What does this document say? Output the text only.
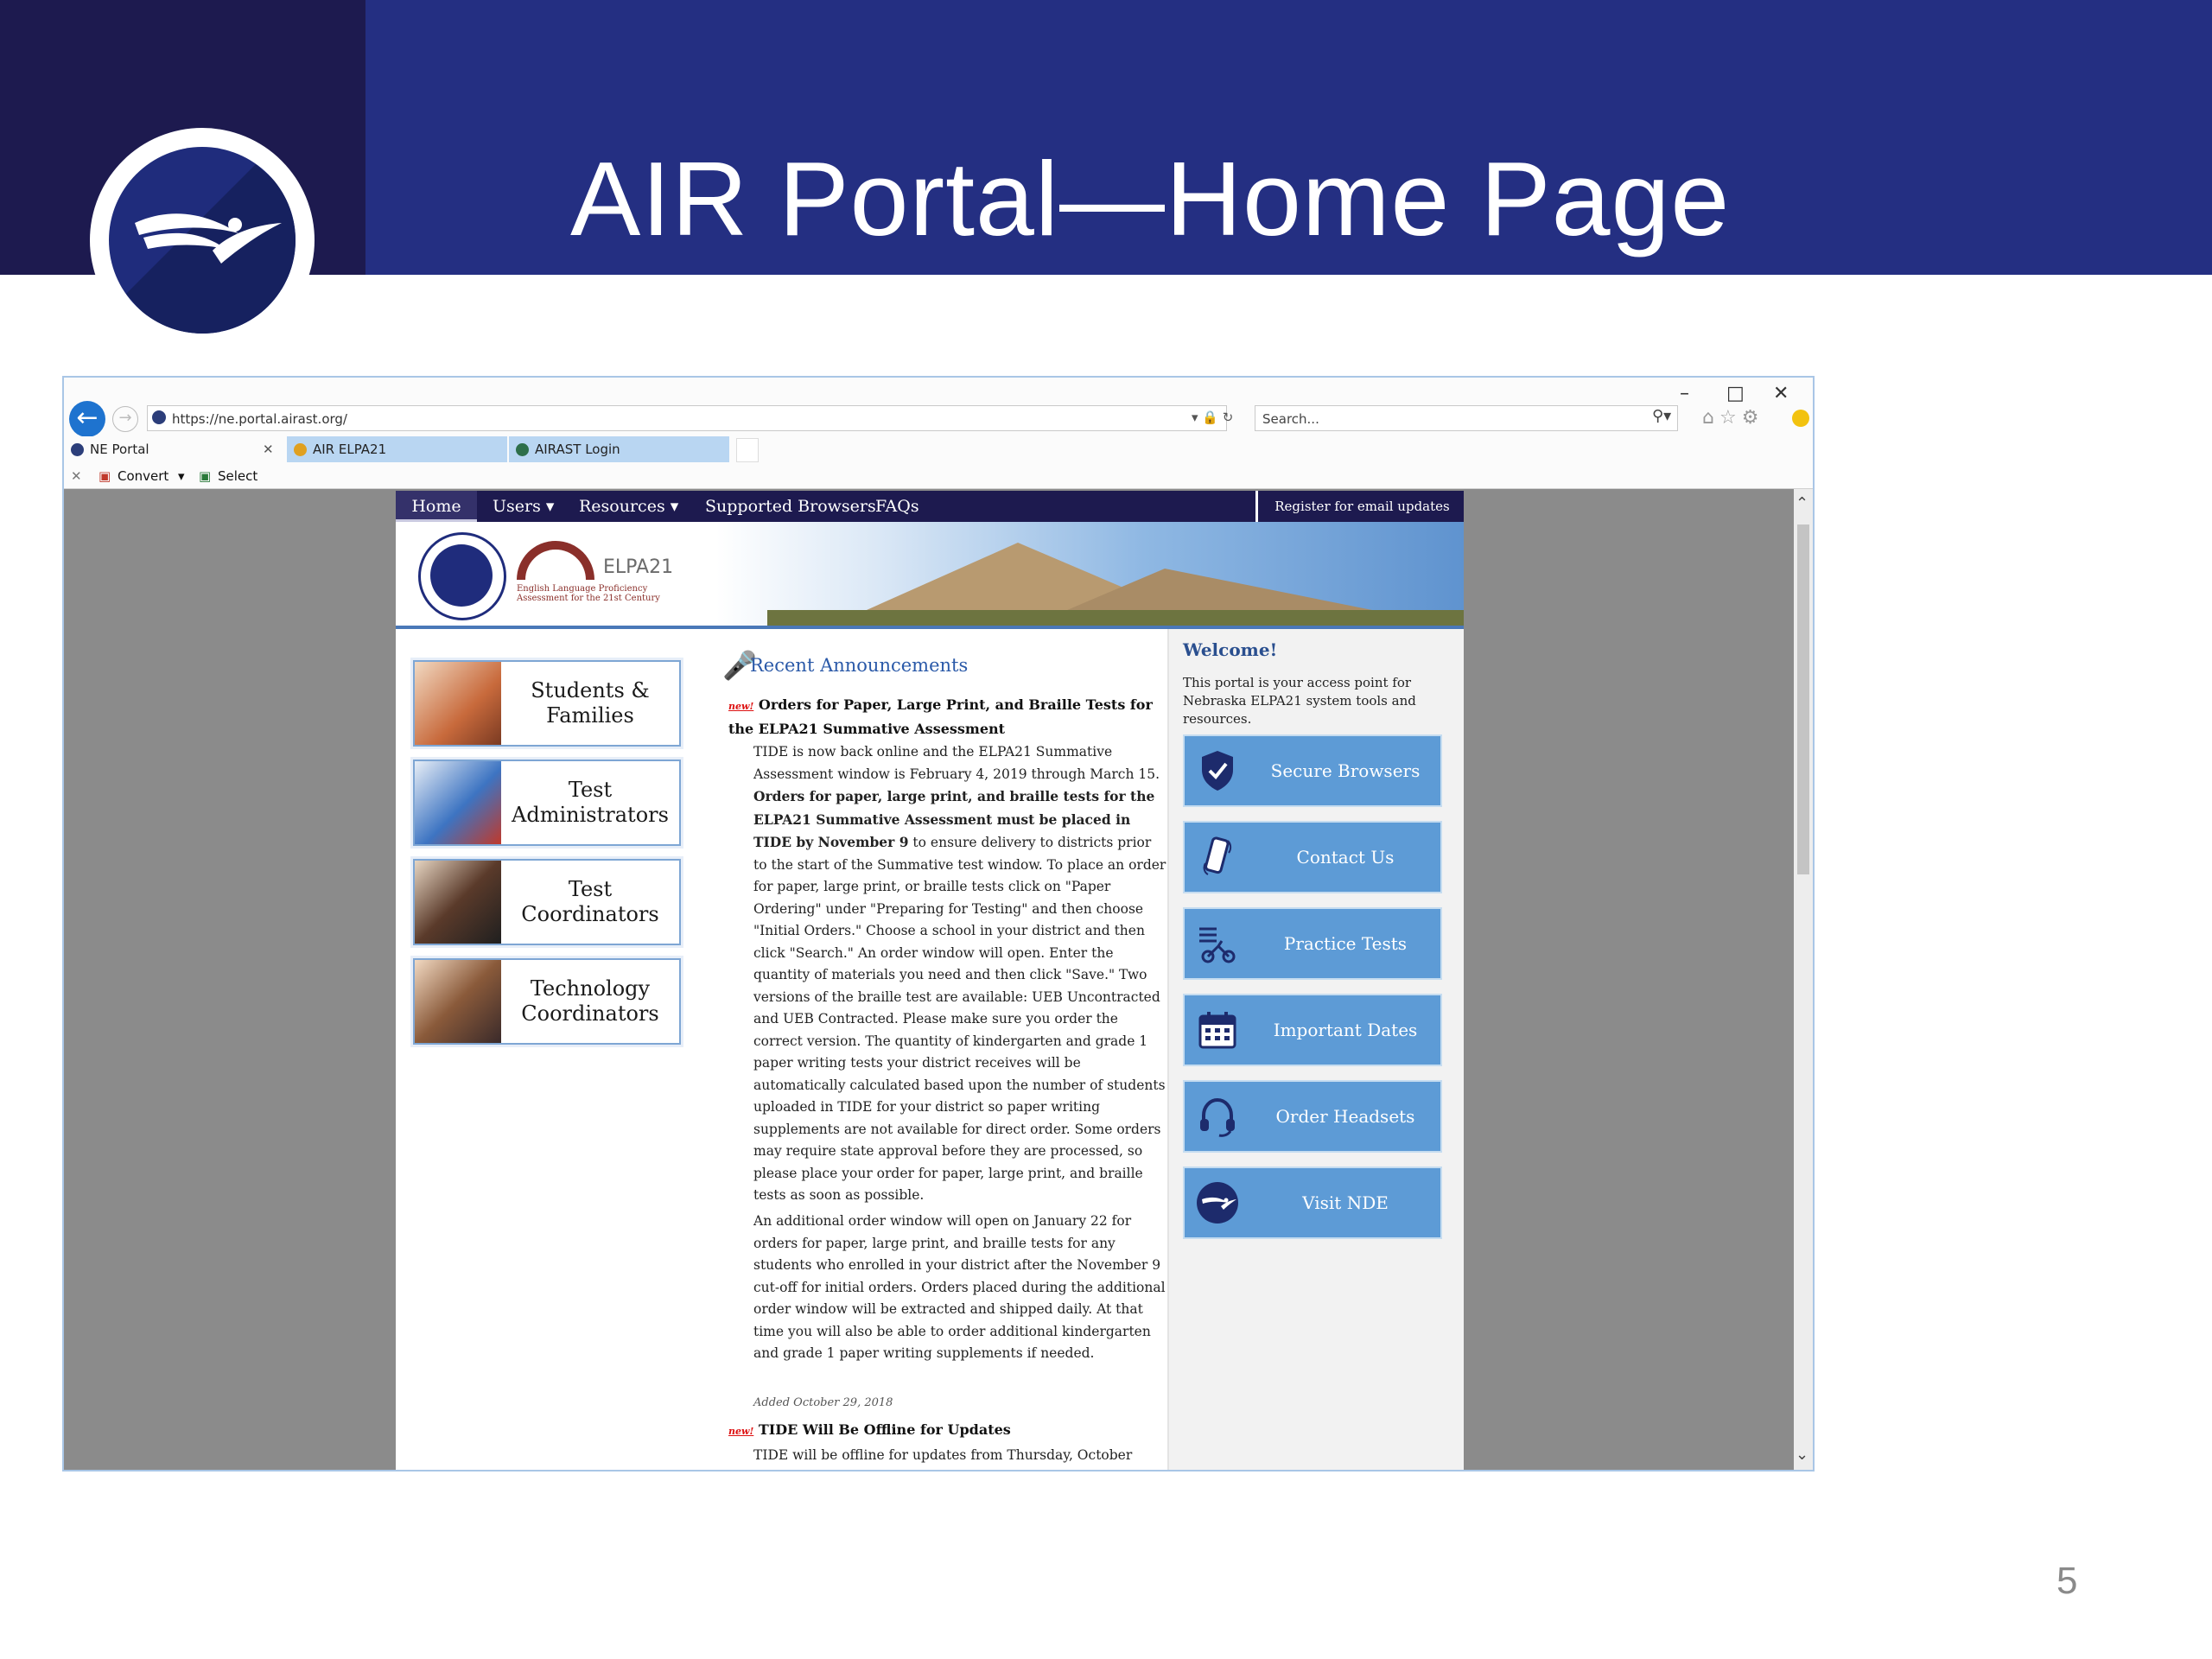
AIR Portal—Home Page
5
– □ ✕
←	→	https://ne.portal.airast.org/	▾ 🔒 ↻	Search...	⚲▾ ⌂☆⚙
NE Portal	✕	AIR ELPA21	AIRAST Login
✕ ▣ Convert ▾ ▣ Select
⌃
⌄
Home	Users ▾ Resources ▾ Supported Browsers FAQs	Register for email updates
ELPA21
English Language Proficiency Assessment for the 21st Century
Students &
Families
Test
Administrators
Test
Coordinators
Technology
Coordinators
🎤
Recent Announcements
new! Orders for Paper, Large Print, and Braille Tests for the ELPA21 Summative Assessment
TIDE is now back online and the ELPA21 Summative Assessment window is February 4, 2019 through March 15. Orders for paper, large print, and braille tests for the ELPA21 Summative Assessment must be placed in TIDE by November 9 to ensure delivery to districts prior to the start of the Summative test window. To place an order for paper, large print, or braille tests click on "Paper Ordering" under "Preparing for Testing" and then choose "Initial Orders." Choose a school in your district and then click "Search." An order window will open. Enter the quantity of materials you need and then click "Save." Two versions of the braille test are available: UEB Uncontracted and UEB Contracted. Please make sure you order the correct version. The quantity of kindergarten and grade 1 paper writing tests your district receives will be automatically calculated based upon the number of students uploaded in TIDE for your district so paper writing supplements are not available for direct order. Some orders may require state approval before they are processed, so please place your order for paper, large print, and braille tests as soon as possible.
An additional order window will open on January 22 for orders for paper, large print, and braille tests for any students who enrolled in your district after the November 9 cut-off for initial orders. Orders placed during the additional order window will be extracted and shipped daily. At that time you will also be able to order additional kindergarten and grade 1 paper writing supplements if needed.
Added October 29, 2018
new! TIDE Will Be Offline for Updates
TIDE will be offline for updates from Thursday, October
Welcome!
This portal is your access point for Nebraska ELPA21 system tools and resources.
Secure Browsers
Contact Us
Practice Tests
Important Dates
Order Headsets
Visit NDE
